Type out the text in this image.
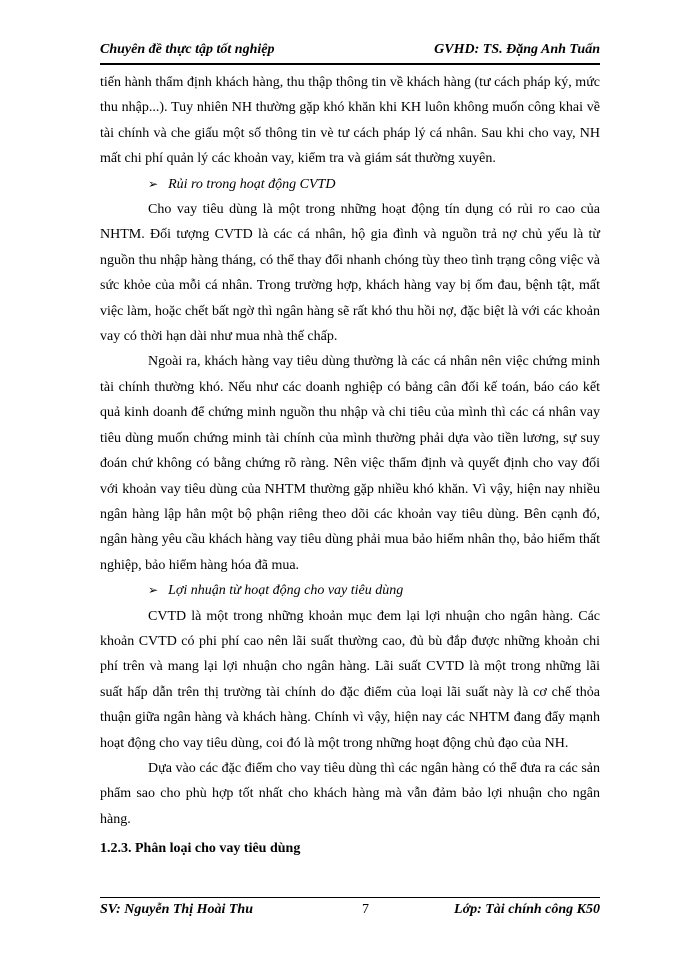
Chuyên đề thực tập tốt nghiệp	GVHD: TS. Đặng Anh Tuấn

tiến hành thẩm định khách hàng, thu thập thông tin về khách hàng (tư cách pháp ký, mức thu nhập...). Tuy nhiên NH thường gặp khó khăn khi KH luôn không muốn công khai về tài chính và che giấu một số thông tin vè tư cách pháp lý cá nhân. Sau khi cho vay, NH mất chi phí quản lý các khoản vay, kiểm tra và giám sát thường xuyên.

➢ Rủi ro trong hoạt động CVTD

Cho vay tiêu dùng là một trong những hoạt động tín dụng có rủi ro cao của NHTM. Đối tượng CVTD là các cá nhân, hộ gia đình và nguồn trả nợ chủ yếu là từ nguồn thu nhập hàng tháng, có thể thay đổi nhanh chóng tùy theo tình trạng công việc và sức khỏe của mỗi cá nhân. Trong trường hợp, khách hàng vay bị ốm đau, bệnh tật, mất việc làm, hoặc chết bất ngờ thì ngân hàng sẽ rất khó thu hồi nợ, đặc biệt là với các khoản vay có thời hạn dài như mua nhà thế chấp.

Ngoài ra, khách hàng vay tiêu dùng thường là các cá nhân nên việc chứng minh tài chính thường khó. Nếu như các doanh nghiệp có bảng cân đối kế toán, báo cáo kết quả kinh doanh để chứng minh nguồn thu nhập và chi tiêu của mình thì các cá nhân vay tiêu dùng muốn chứng minh tài chính của mình thường phải dựa vào tiền lương, sự suy đoán chứ không có bằng chứng rõ ràng. Nên việc thẩm định và quyết định cho vay đối với khoản vay tiêu dùng của NHTM thường gặp nhiều khó khăn. Vì vậy, hiện nay nhiều ngân hàng lập hẳn một bộ phận riêng theo dõi các khoản vay tiêu dùng. Bên cạnh đó, ngân hàng yêu cầu khách hàng vay tiêu dùng phải mua bảo hiểm nhân thọ, bảo hiểm thất nghiệp, bảo hiểm hàng hóa đã mua.

➢ Lợi nhuận từ hoạt động cho vay tiêu dùng

CVTD là một trong những khoản mục đem lại lợi nhuận cho ngân hàng. Các khoản CVTD có phi phí cao nên lãi suất thường cao, đủ bù đắp được những khoản chi phí trên và mang lại lợi nhuận cho ngân hàng. Lãi suất CVTD là một trong những lãi suất hấp dẫn trên thị trường tài chính do đặc điểm của loại lãi suất này là cơ chế thỏa thuận giữa ngân hàng và khách hàng. Chính vì vậy, hiện nay các NHTM đang đẩy mạnh hoạt động cho vay tiêu dùng, coi đó là một trong những hoạt động chủ đạo của NH.

Dựa vào các đặc điểm cho vay tiêu dùng thì các ngân hàng có thể đưa ra các sản phẩm sao cho phù hợp tốt nhất cho khách hàng mà vẫn đảm bảo lợi nhuận cho ngân hàng.

1.2.3. Phân loại cho vay tiêu dùng

SV: Nguyễn Thị Hoài Thu	7	Lớp: Tài chính công K50
